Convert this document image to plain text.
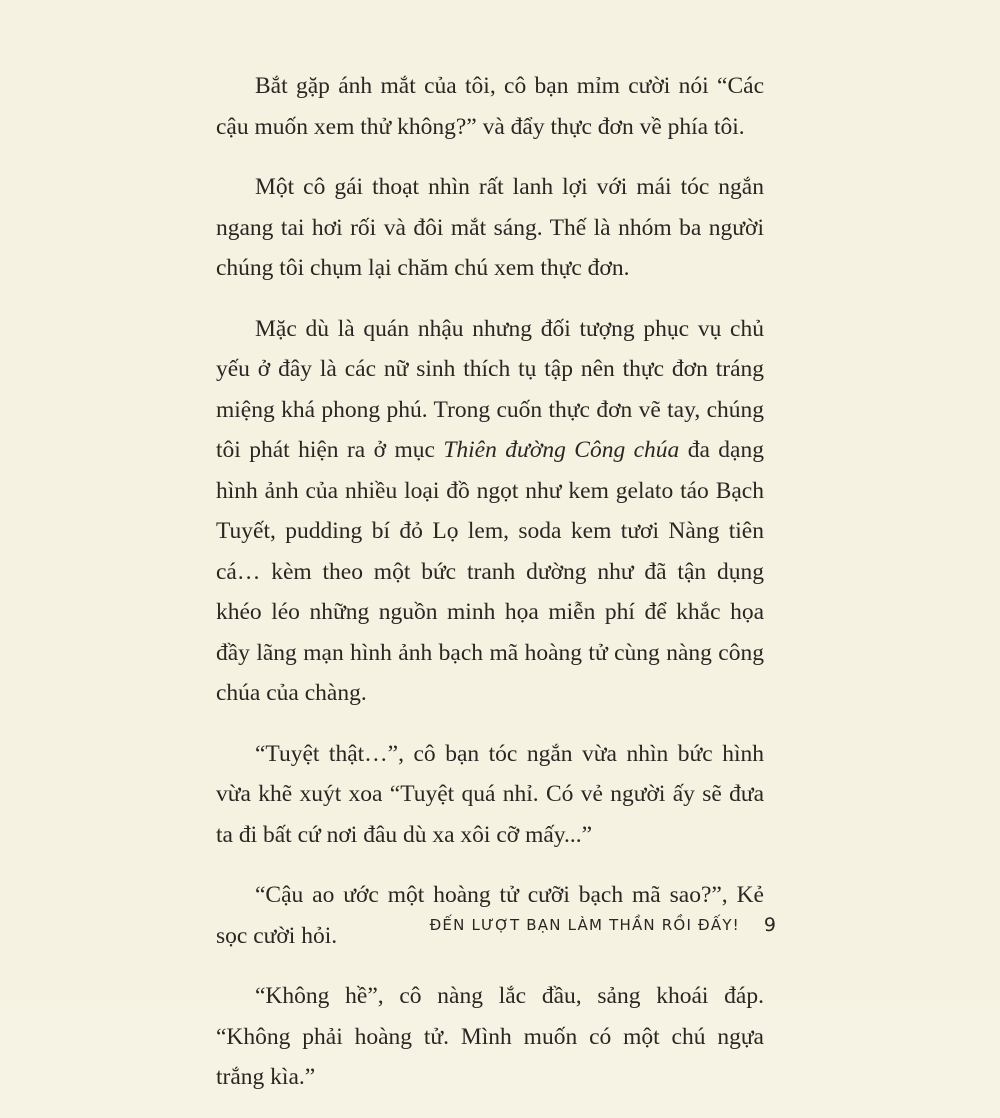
Bắt gặp ánh mắt của tôi, cô bạn mỉm cười nói “Các cậu muốn xem thử không?” và đẩy thực đơn về phía tôi.

Một cô gái thoạt nhìn rất lanh lợi với mái tóc ngắn ngang tai hơi rối và đôi mắt sáng. Thế là nhóm ba người chúng tôi chụm lại chăm chú xem thực đơn.

Mặc dù là quán nhậu nhưng đối tượng phục vụ chủ yếu ở đây là các nữ sinh thích tụ tập nên thực đơn tráng miệng khá phong phú. Trong cuốn thực đơn vẽ tay, chúng tôi phát hiện ra ở mục Thiên đường Công chúa đa dạng hình ảnh của nhiều loại đồ ngọt như kem gelato táo Bạch Tuyết, pudding bí đỏ Lọ lem, soda kem tươi Nàng tiên cá… kèm theo một bức tranh dường như đã tận dụng khéo léo những nguồn minh họa miễn phí để khắc họa đầy lãng mạn hình ảnh bạch mã hoàng tử cùng nàng công chúa của chàng.

“Tuyệt thật…”, cô bạn tóc ngắn vừa nhìn bức hình vừa khẽ xuýt xoa “Tuyệt quá nhỉ. Có vẻ người ấy sẽ đưa ta đi bất cứ nơi đâu dù xa xôi cỡ mấy...”

“Cậu ao ước một hoàng tử cưỡi bạch mã sao?”, Kẻ sọc cười hỏi.

“Không hề”, cô nàng lắc đầu, sảng khoái đáp. “Không phải hoàng tử. Mình muốn có một chú ngựa trắng kìa.”

ĐẾN LƯỢT BẠN LÀM THẦN RỒI ĐẤY! 9
